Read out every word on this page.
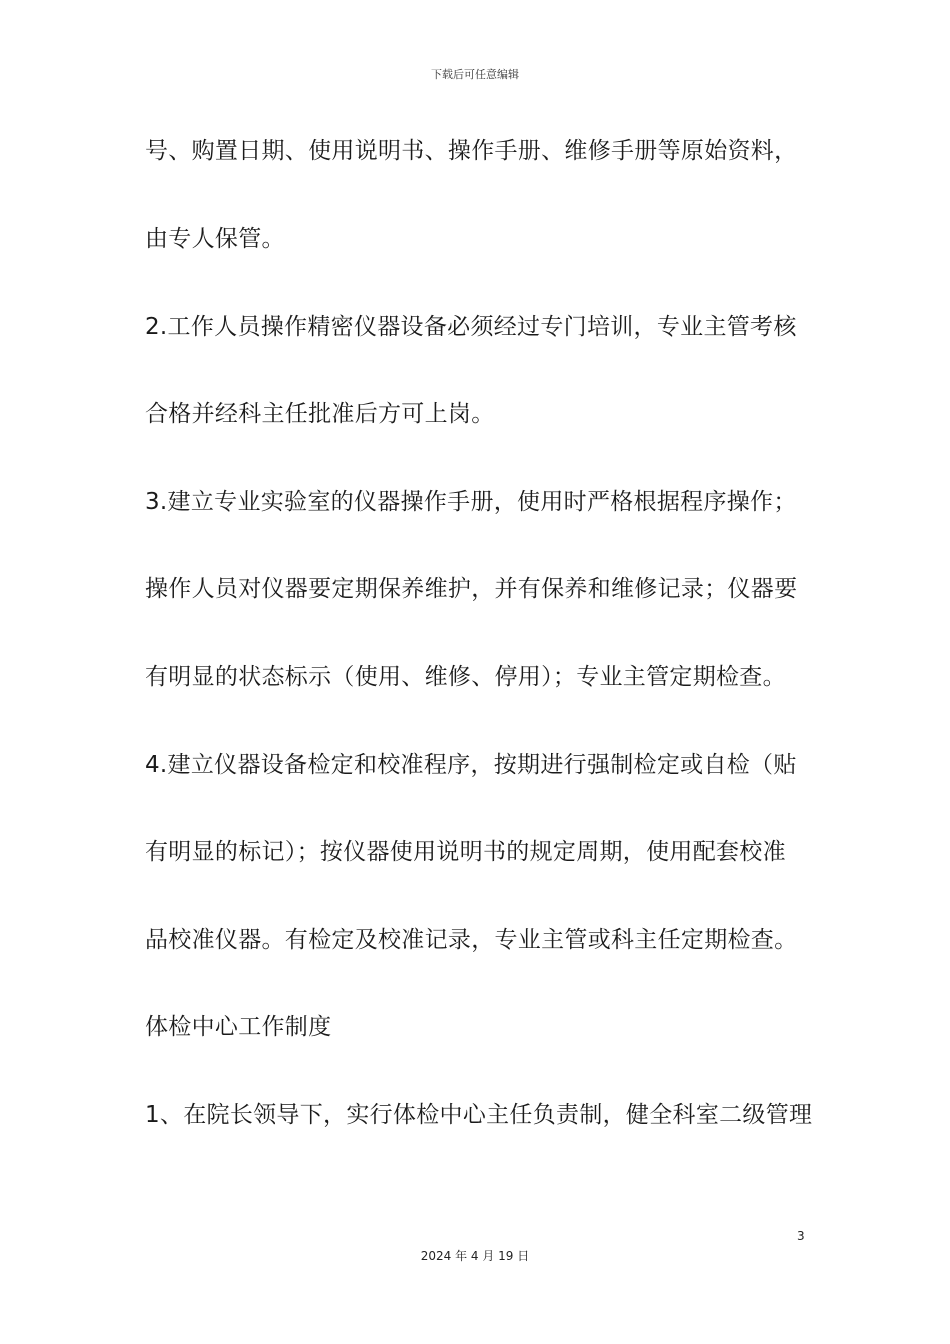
下载后可任意编辑
号、购置日期、使用说明书、操作手册、维修手册等原始资料，
由专人保管。
2.工作人员操作精密仪器设备必须经过专门培训，专业主管考核
合格并经科主任批准后方可上岗。
3.建立专业实验室的仪器操作手册，使用时严格根据程序操作；
操作人员对仪器要定期保养维护，并有保养和维修记录；仪器要
有明显的状态标示（使用、维修、停用）；专业主管定期检查。
4.建立仪器设备检定和校准程序，按期进行强制检定或自检（贴
有明显的标记）；按仪器使用说明书的规定周期，使用配套校准
品校准仪器。有检定及校准记录，专业主管或科主任定期检查。
体检中心工作制度
1、在院长领导下，实行体检中心主任负责制，健全科室二级管理
3
2024 年 4 月 19 日
